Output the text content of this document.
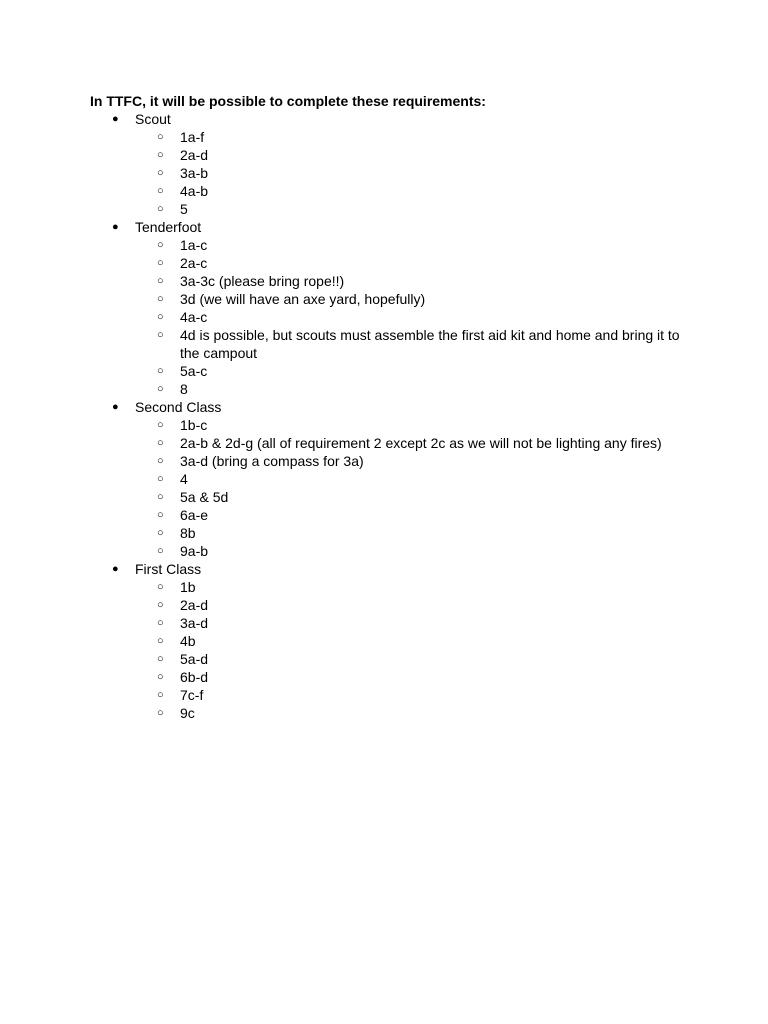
In TTFC, it will be possible to complete these requirements:
● Scout
○ 1a-f
○ 2a-d
○ 3a-b
○ 4a-b
○ 5
● Tenderfoot
○ 1a-c
○ 2a-c
○ 3a-3c (please bring rope!!)
○ 3d (we will have an axe yard, hopefully)
○ 4a-c
○ 4d is possible, but scouts must assemble the first aid kit and home and bring it to the campout
○ 5a-c
○ 8
● Second Class
○ 1b-c
○ 2a-b & 2d-g (all of requirement 2 except 2c as we will not be lighting any fires)
○ 3a-d (bring a compass for 3a)
○ 4
○ 5a & 5d
○ 6a-e
○ 8b
○ 9a-b
● First Class
○ 1b
○ 2a-d
○ 3a-d
○ 4b
○ 5a-d
○ 6b-d
○ 7c-f
○ 9c
